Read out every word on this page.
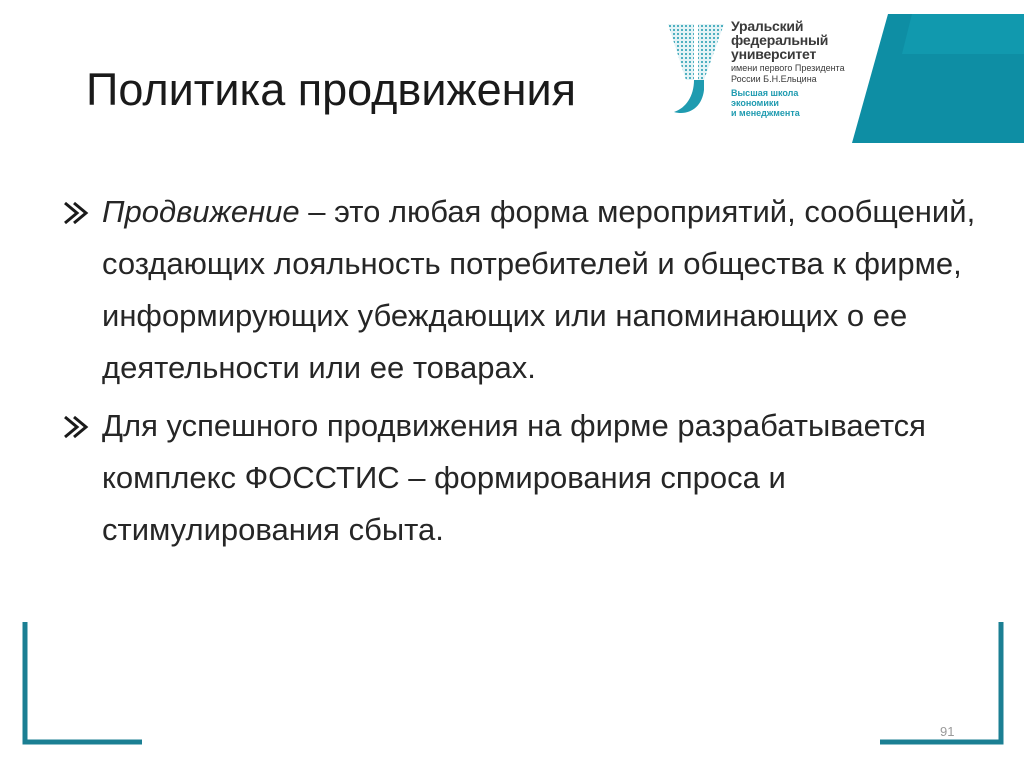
Политика продвижения
Уральский
федеральный
университет
имени первого Президента
России Б.Н.Ельцина
Высшая школа
экономики
и менеджмента
Продвижение – это любая форма мероприятий, сообщений, создающих лояльность потребителей и общества к фирме, информирующих убеждающих или напоминающих о ее деятельности или ее товарах.
Для успешного продвижения на фирме разрабатывается комплекс ФОССТИС – формирования спроса и стимулирования сбыта.
91
